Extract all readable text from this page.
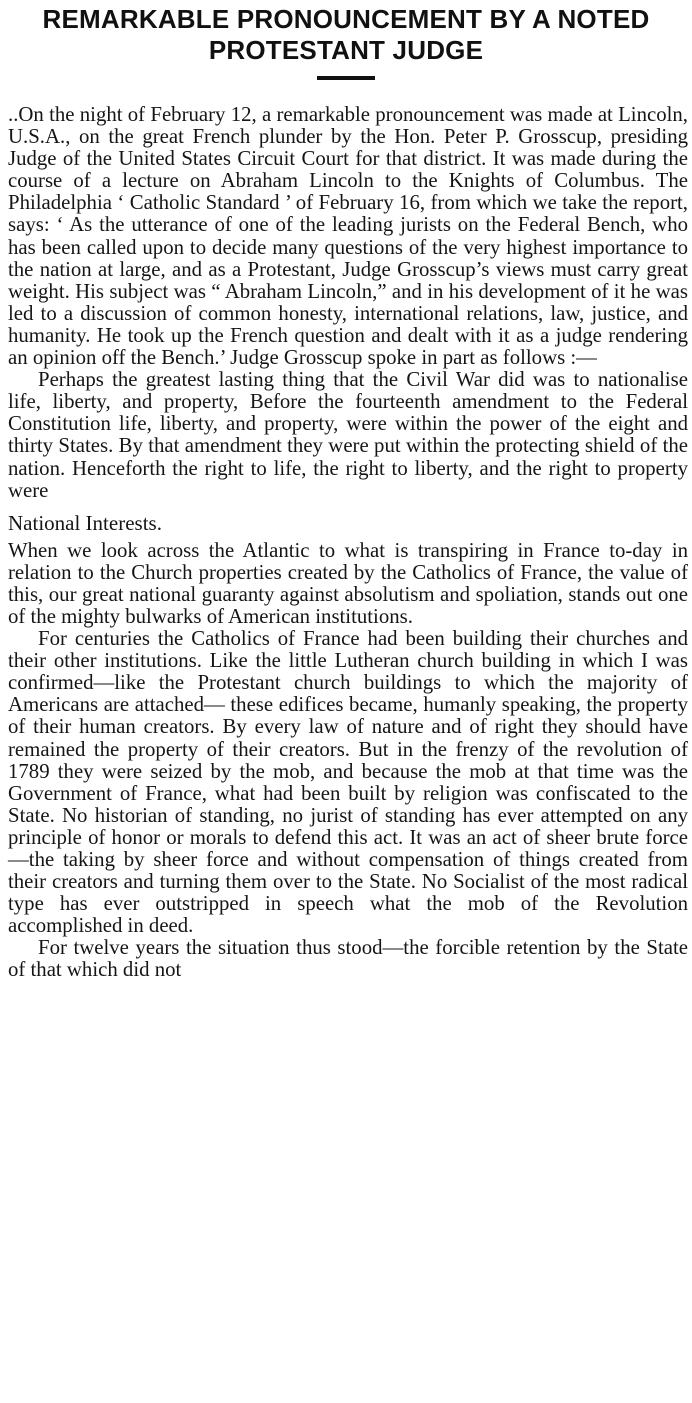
REMARKABLE PRONOUNCEMENT BY A NOTED
PROTESTANT JUDGE

..On the night of February 12, a remarkable pronouncement was made at Lincoln, U.S.A., on the great French plunder by the Hon. Peter P. Grosscup, presiding Judge of the United States Circuit Court for that district. It was made during the course of a lecture on Abraham Lincoln to the Knights of Columbus. The Philadelphia ‘ Catholic Standard ’ of February 16, from which we take the report, says: ‘ As the utterance of one of the leading jurists on the Federal Bench, who has been called upon to decide many questions of the very highest importance to the nation at large, and as a Protestant, Judge Grosscup’s views must carry great weight. His subject was “ Abraham Lincoln,” and in his development of it he was led to a discussion of common honesty, international relations, law, justice, and humanity. He took up the French question and dealt with it as a judge rendering an opinion off the Bench.’ Judge Grosscup spoke in part as follows :—

Perhaps the greatest lasting thing that the Civil War did was to nationalise life, liberty, and property, Before the fourteenth amendment to the Federal Constitution life, liberty, and property, were within the power of the eight and thirty States. By that amendment they were put within the protecting shield of the nation. Henceforth the right to life, the right to liberty, and the right to property were

National Interests.

When we look across the Atlantic to what is transpiring in France to-day in relation to the Church properties created by the Catholics of France, the value of this, our great national guaranty against absolutism and spoliation, stands out one of the mighty bulwarks of American institutions.

For centuries the Catholics of France had been building their churches and their other institutions. Like the little Lutheran church building in which I was confirmed—like the Protestant church buildings to which the majority of Americans are attached— these edifices became, humanly speaking, the property of their human creators. By every law of nature and of right they should have remained the property of their creators. But in the frenzy of the revolution of 1789 they were seized by the mob, and because the mob at that time was the Government of France, what had been built by religion was confiscated to the State. No historian of standing, no jurist of standing has ever attempted on any principle of honor or morals to defend this act. It was an act of sheer brute force—the taking by sheer force and without compensation of things created from their creators and turning them over to the State. No Socialist of the most radical type has ever outstripped in speech what the mob of the Revolution accomplished in deed.

For twelve years the situation thus stood—the forcible retention by the State of that which did not
